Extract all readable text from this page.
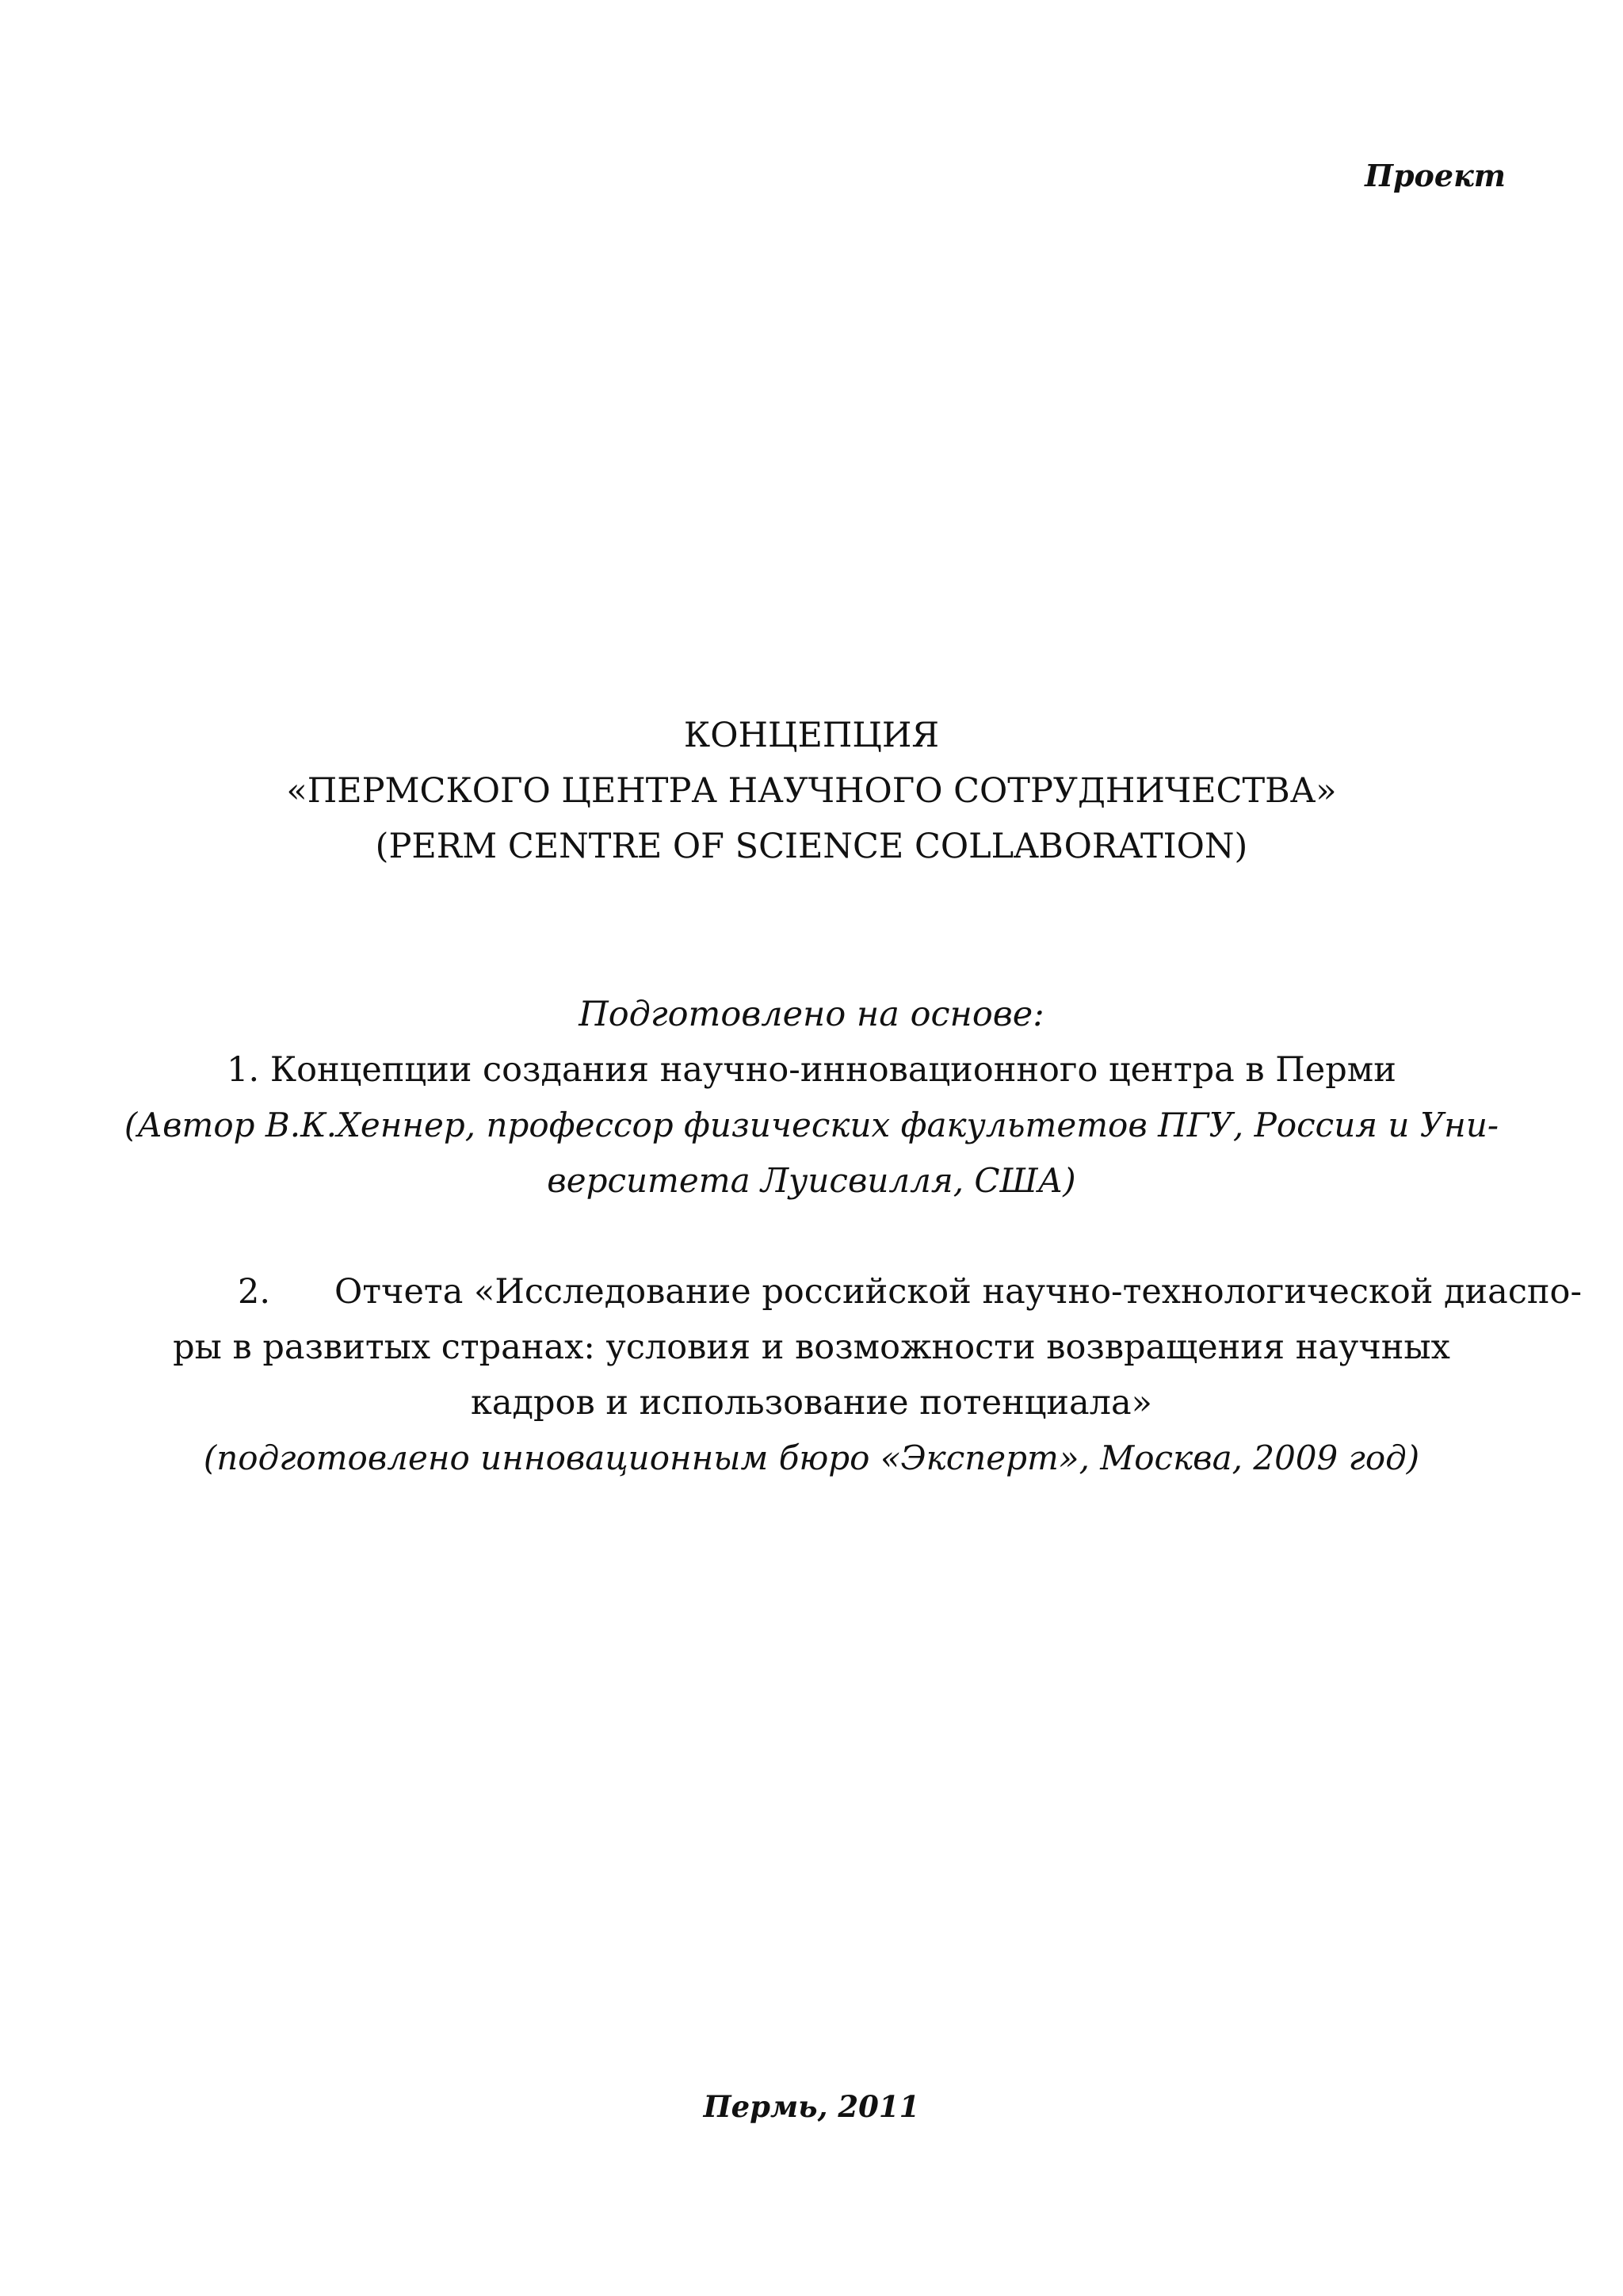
Проект
КОНЦЕПЦИЯ
«ПЕРМСКОГО ЦЕНТРА НАУЧНОГО СОТРУДНИЧЕСТВА»
(PERM CENTRE OF SCIENCE COLLABORATION)
Подготовлено на основе:
1. Концепции создания научно-инновационного центра в Перми
(Автор В.К.Хеннер, профессор физических факультетов ПГУ, Россия и Уни-
верситета Луисвилля, США)
2. Отчета «Исследование российской научно-технологической диаспо-
ры в развитых странах: условия и возможности возвращения научных
кадров и использование потенциала»
(подготовлено инновационным бюро «Эксперт», Москва, 2009 год)
Пермь, 2011
